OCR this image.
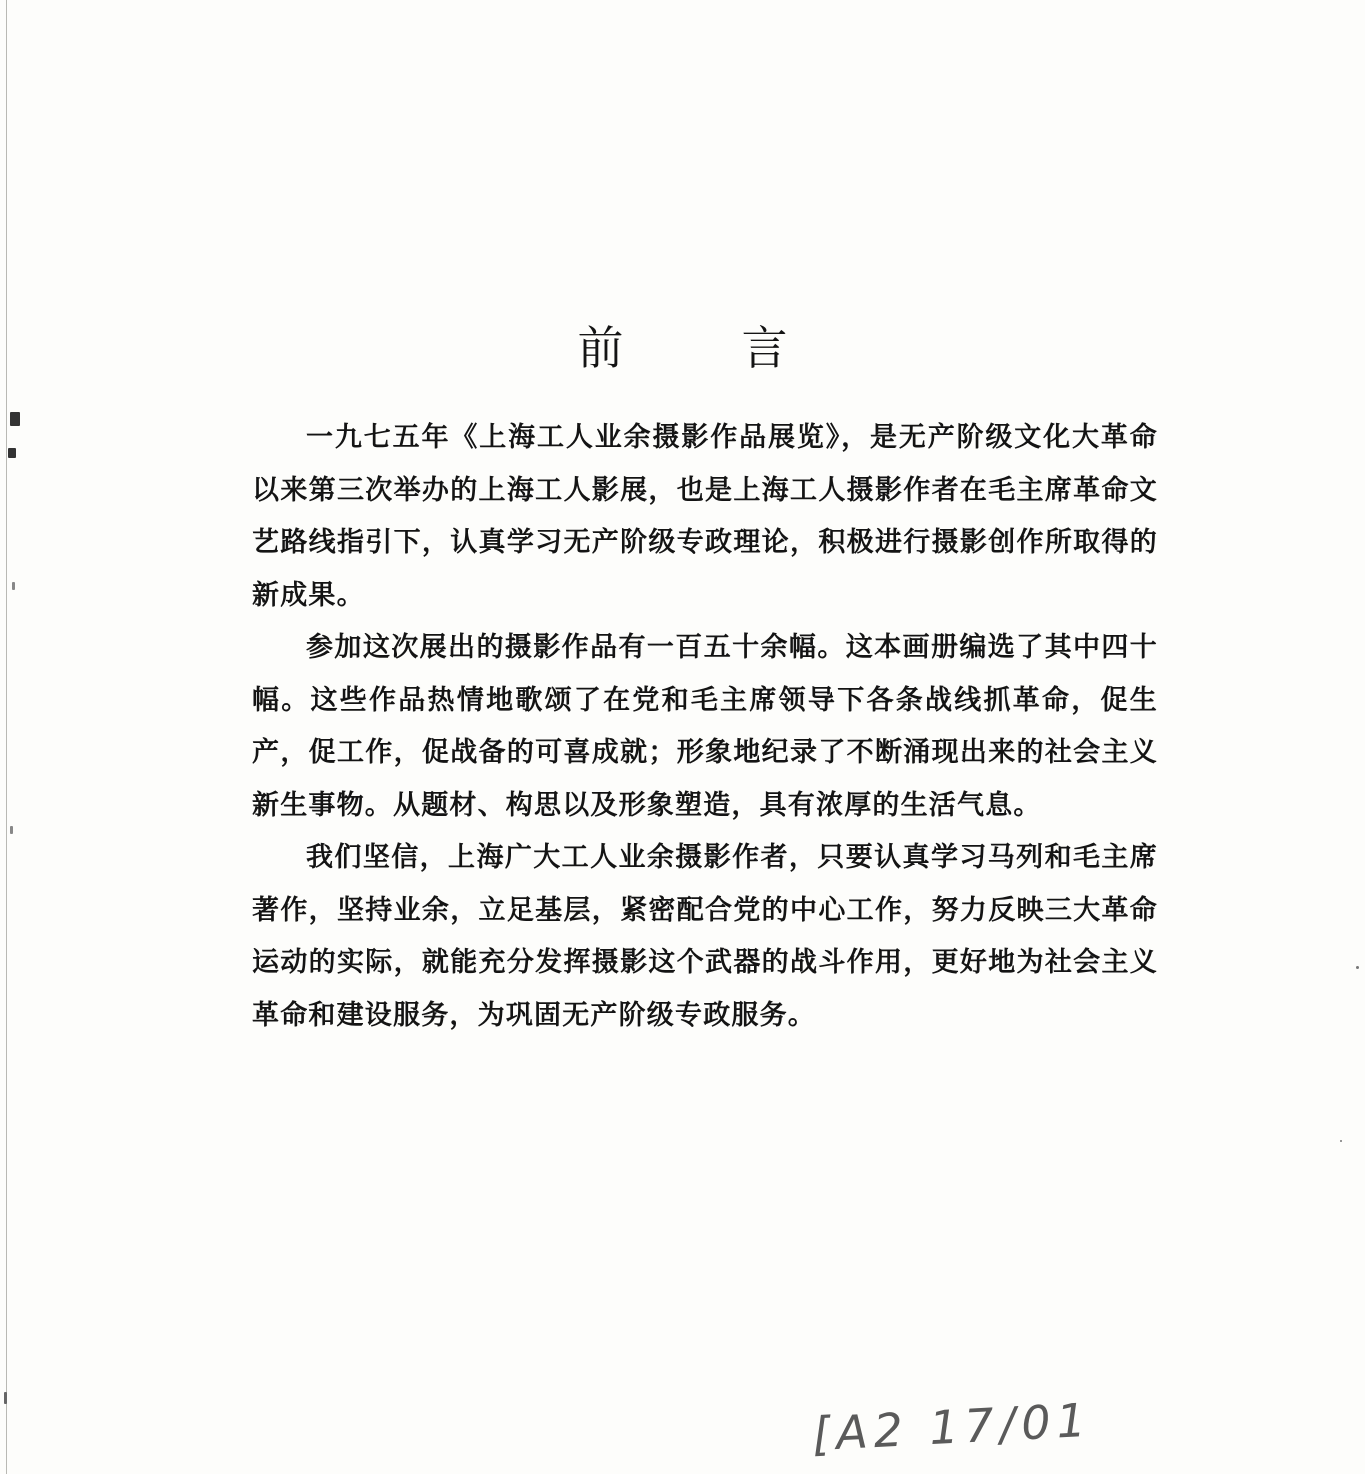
前	言

一九七五年《上海工人业余摄影作品展览》，是无产阶级文化大革命以来第三次举办的上海工人影展，也是上海工人摄影作者在毛主席革命文艺路线指引下，认真学习无产阶级专政理论，积极进行摄影创作所取得的新成果。

参加这次展出的摄影作品有一百五十余幅。这本画册编选了其中四十幅。这些作品热情地歌颂了在党和毛主席领导下各条战线抓革命，促生产，促工作，促战备的可喜成就；形象地纪录了不断涌现出来的社会主义新生事物。从题材、构思以及形象塑造，具有浓厚的生活气息。

我们坚信，上海广大工人业余摄影作者，只要认真学习马列和毛主席著作，坚持业余，立足基层，紧密配合党的中心工作，努力反映三大革命运动的实际，就能充分发挥摄影这个武器的战斗作用，更好地为社会主义革命和建设服务，为巩固无产阶级专政服务。

[A2 17/01
